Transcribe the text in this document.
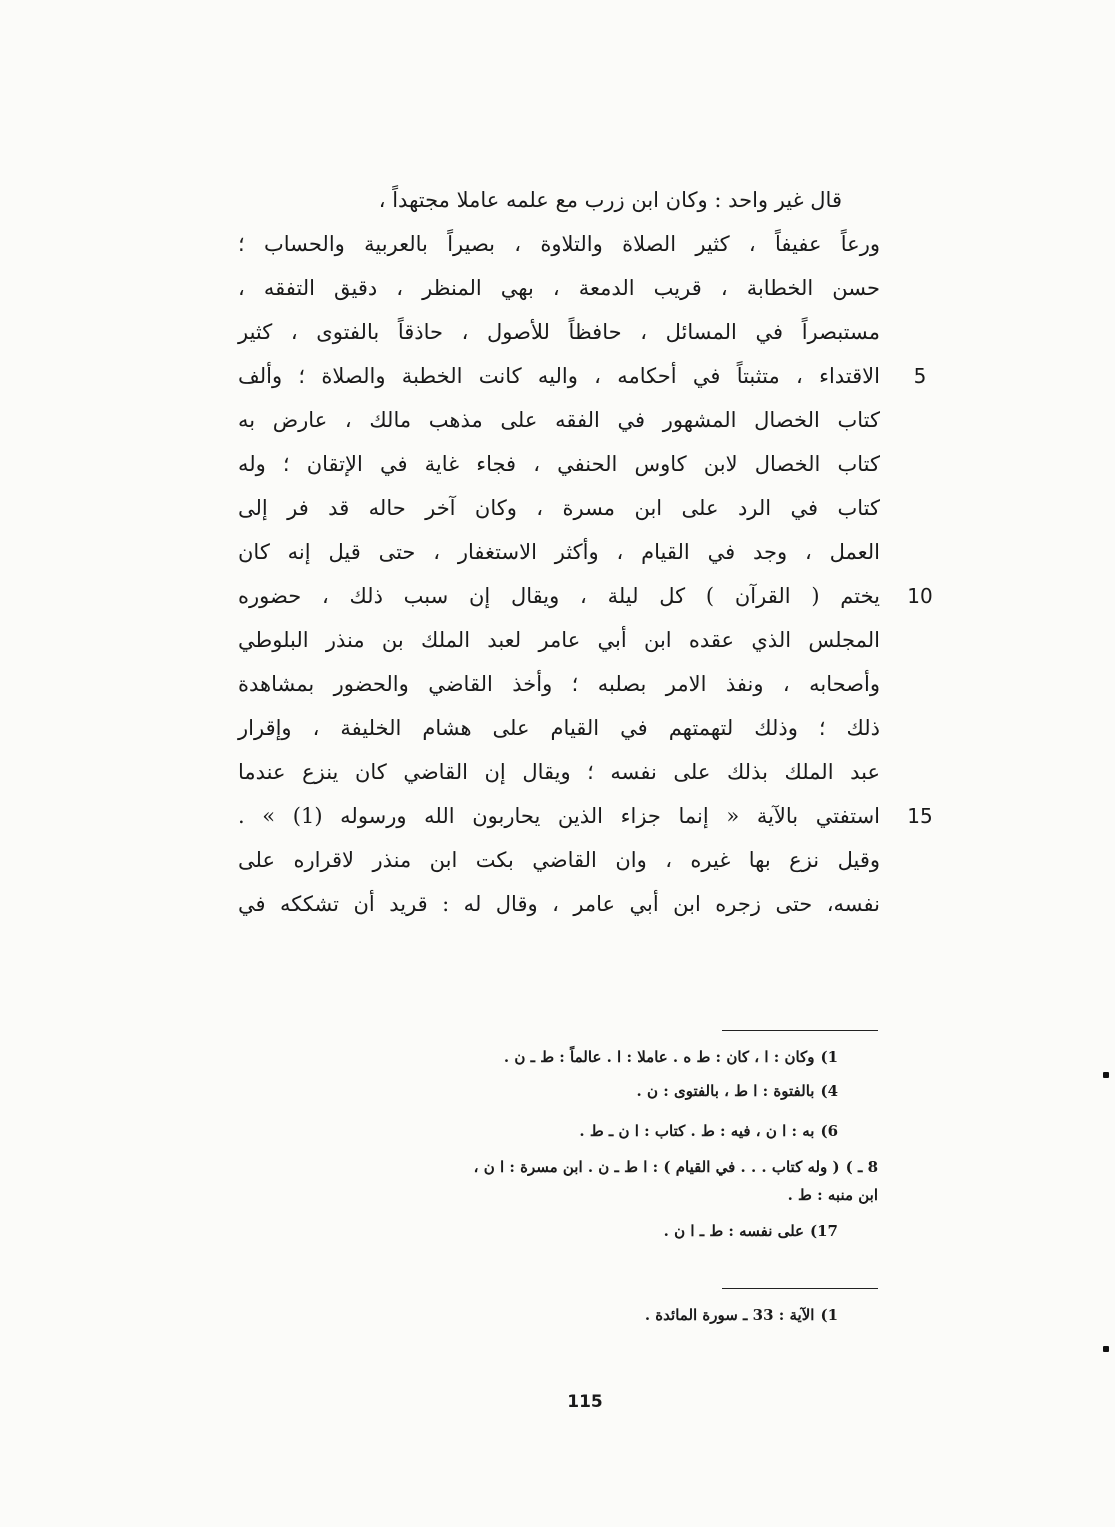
قال غير واحد : وكان ابن زرب مع علمه عاملا مجتهداً ،
ورعاً عفيفاً ، كثير الصلاة والتلاوة ، بصيراً بالعربية والحساب ؛
حسن الخطابة ، قريب الدمعة ، بهي المنظر ، دقيق التفقه ،
مستبصراً في المسائل ، حافظاً للأصول ، حاذقاً بالفتوى ، كثير
الاقتداء ، متثبتاً في أحكامه ، واليه كانت الخطبة والصلاة ؛ وألف
كتاب الخصال المشهور في الفقه على مذهب مالك ، عارض به
كتاب الخصال لابن كاوس الحنفي ، فجاء غاية في الإتقان ؛ وله
كتاب في الرد على ابن مسرة ، وكان آخر حاله قد فر إلى
العمل ، وجد في القيام ، وأكثر الاستغفار ، حتى قيل إنه كان
يختم ( القرآن ) كل ليلة ، ويقال إن سبب ذلك ، حضوره
المجلس الذي عقده ابن أبي عامر لعبد الملك بن منذر البلوطي
وأصحابه ، ونفذ الامر بصلبه ؛ وأخذ القاضي والحضور بمشاهدة
ذلك ؛ وذلك لتهمتهم في القيام على هشام الخليفة ، وإقرار
عبد الملك بذلك على نفسه ؛ ويقال إن القاضي كان ينزع عندما
استفتي بالآية « إنما جزاء الذين يحاربون الله ورسوله (1) » .
وقيل نزع بها غيره ، وان القاضي بكت ابن منذر لاقراره على
نفسه، حتى زجره ابن أبي عامر ، وقال له : قريد أن تشككه في
5
10
15
1)وكان : ا ، كان : ط ه . عاملا : ا . عالماً : ط ـ ن .
4)بالفتوة : ا ط ، بالفتوى : ن .
6)به : ا ن ، فيه : ط . كتاب : ا ن ـ ط .
8 ـ )( وله كتاب . . . في القيام ) : ا ط ـ ن . ابن مسرة : ا ن ،
ابن منبه : ط .
17)على نفسه : ط ـ ا ن .
1)الآية : 33 ـ سورة المائدة .
115
